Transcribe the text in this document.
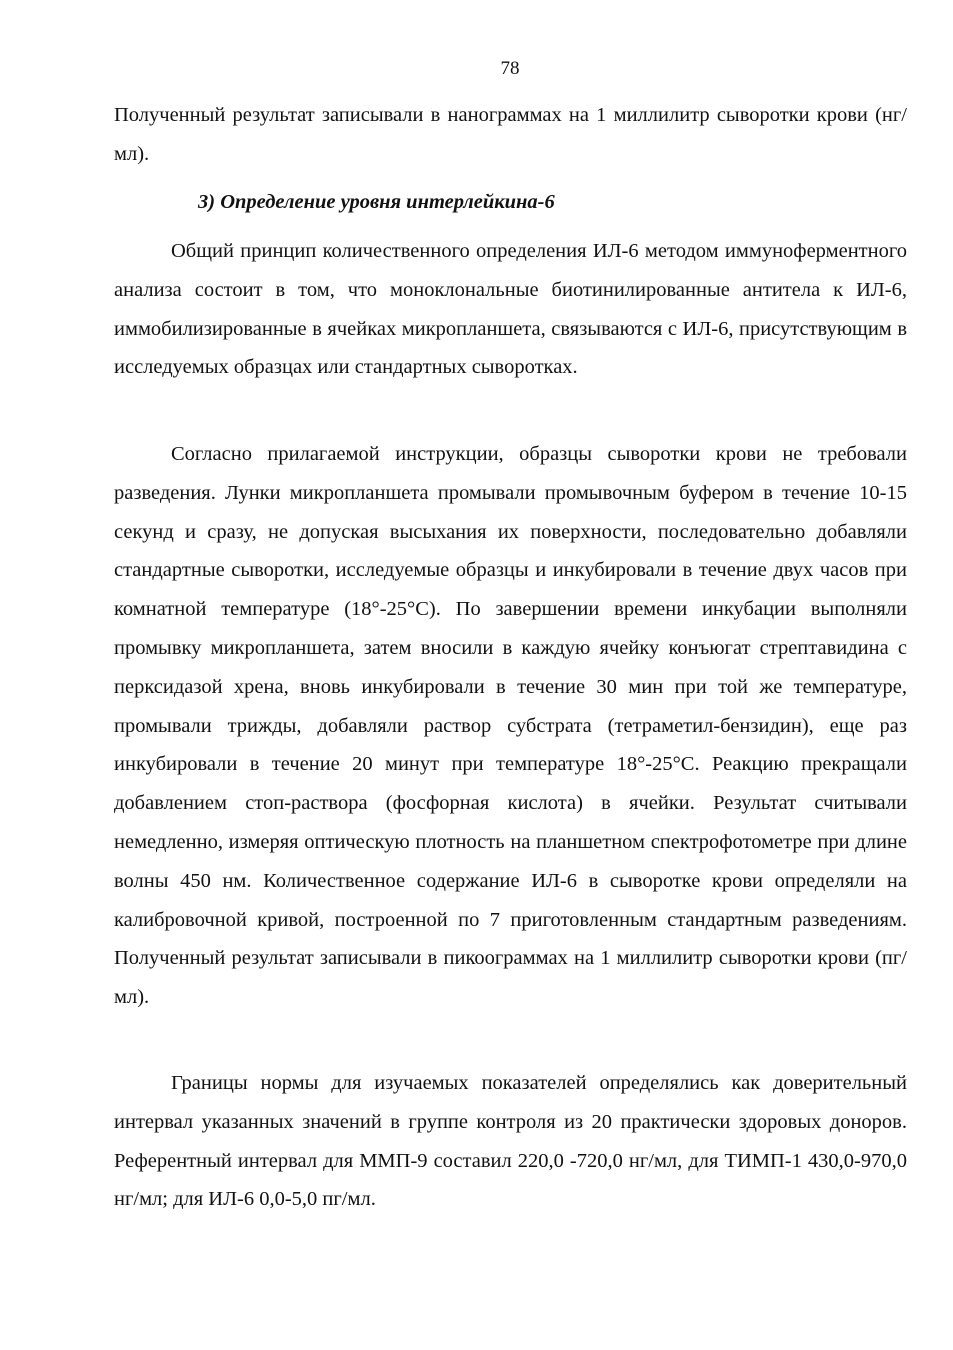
78

Полученный результат записывали в нанограммах на 1 миллилитр сыворотки крови (нг/мл).

3) Определение уровня интерлейкина-6

Общий принцип количественного определения ИЛ-6 методом иммуноферментного анализа состоит в том, что моноклональные биотинилированные антитела к ИЛ-6, иммобилизированные в ячейках микропланшета, связываются с ИЛ-6, присутствующим в исследуемых образцах или стандартных сыворотках.

Согласно прилагаемой инструкции, образцы сыворотки крови не требовали разведения. Лунки микропланшета промывали промывочным буфером в течение 10-15 секунд и сразу, не допуская высыхания их поверхности, последовательно добавляли стандартные сыворотки, исследуемые образцы и инкубировали в течение двух часов при комнатной температуре (18°-25°C). По завершении времени инкубации выполняли промывку микропланшета, затем вносили в каждую ячейку конъюгат стрептавидина с перксидазой хрена, вновь инкубировали в течение 30 мин при той же температуре, промывали трижды, добавляли раствор субстрата (тетраметил-бензидин), еще раз инкубировали в течение 20 минут при температуре 18°-25°C. Реакцию прекращали добавлением стоп-раствора (фосфорная кислота) в ячейки. Результат считывали немедленно, измеряя оптическую плотность на планшетном спектрофотометре при длине волны 450 нм. Количественное содержание ИЛ-6 в сыворотке крови определяли на калибровочной кривой, построенной по 7 приготовленным стандартным разведениям. Полученный результат записывали в пикоограммах на 1 миллилитр сыворотки крови (пг/мл).

Границы нормы для изучаемых показателей определялись как доверительный интервал указанных значений в группе контроля из 20 практически здоровых доноров. Референтный интервал для ММП-9 составил 220,0 -720,0 нг/мл, для ТИМП-1 430,0-970,0 нг/мл; для ИЛ-6 0,0-5,0 пг/мл.
